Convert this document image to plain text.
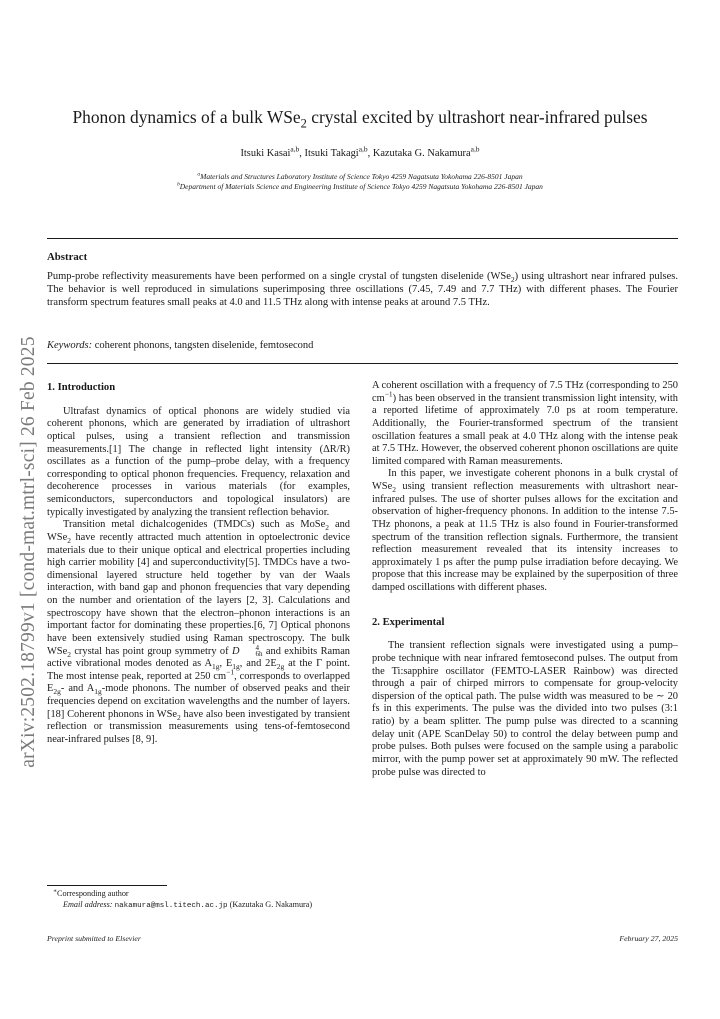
arXiv:2502.18799v1 [cond-mat.mtrl-sci] 26 Feb 2025
Phonon dynamics of a bulk WSe$_2$ crystal excited by ultrashort near-infrared pulses
Itsuki Kasai$^{a,b}$, Itsuki Takagi$^{a,b}$, Kazutaka G. Nakamura$^{a,b}$
$^a$Materials and Structures Laboratory Institute of Science Tokyo 4259 Nagatsuta Yokohama 226-8501 Japan
$^b$Department of Materials Science and Engineering Institute of Science Tokyo 4259 Nagatsuta Yokohama 226-8501 Japan
Abstract
Pump-probe reflectivity measurements have been performed on a single crystal of tungsten diselenide (WSe$_2$) using ultrashort near infrared pulses. The behavior is well reproduced in simulations superimposing three oscillations (7.45, 7.49 and 7.7 THz) with different phases. The Fourier transform spectrum features small peaks at 4.0 and 11.5 THz along with intense peaks at around 7.5 THz.
Keywords: coherent phonons, tangsten diselenide, femtosecond
1. Introduction

Ultrafast dynamics of optical phonons are widely studied via coherent phonons, which are generated by irradiation of ultrashort optical pulses, using a transient reflection and transmission measurements.[1] The change in reflected light intensity (ΔR/R) oscillates as a function of the pump–probe delay, with a frequency corresponding to optical phonon frequencies. Frequency, relaxation and decoherence processes in various materials (for examples, semiconductors, superconductors and topological insulators) are typically investigated by analyzing the transient reflection behavior.

Transition metal dichalcogenides (TMDCs) such as MoSe$_2$ and WSe$_2$ have recently attracted much attention in optoelectronic device materials due to their unique optical and electrical properties including high carrier mobility [4] and superconductivity[5]. TMDCs have a two-dimensional layered structure held together by van der Waals interaction, with band gap and phonon frequencies that vary depending on the number and orientation of the layers [2, 3]. Calculations and spectroscopy have shown that the electron–phonon interactions is an important factor for dominating these properties.[6, 7] Optical phonons have been extensively studied using Raman spectroscopy. The bulk WSe$_2$ crystal has point group symmetry of D	4
6h and exhibits Raman active vibrational modes denoted as $A_{1g}$, $E_{1g}$, and $2E_{2g}$ at the Γ point. The most intense peak, reported at 250 $cm^{-1}$, corresponds to overlapped $E_{2g}-$ and $A_{1g}$-mode phonons. The number of observed peaks and their frequencies depend on excitation wavelengths and the number of layers.[18] Coherent phonons in WSe$_2$ have also been investigated by transient reflection or transmission measurements using tens-of-femtosecond near-infrared pulses [8, 9].

A coherent oscillation with a frequency of 7.5 THz (corresponding to 250 $cm^{-1}$) has been observed in the transient transmission light intensity, with a reported lifetime of approximately 7.0 ps at room temperature. Additionally, the Fourier-transformed spectrum of the transient oscillation features a small peak at 4.0 THz along with the intense peak at 7.5 THz. However, the observed coherent phonon oscillations are quite limited compared with Raman measurements.

In this paper, we investigate coherent phonons in a bulk crystal of WSe$_2$ using transient reflection measurements with ultrashort near-infrared pulses. The use of shorter pulses allows for the excitation and observation of higher-frequency phonons. In addition to the intense 7.5-THz phonons, a peak at 11.5 THz is also found in Fourier-transformed spectrum of the transition reflection signals. Furthermore, the transient reflection measurement revealed that its intensity increases to approximately 1 ps after the pump pulse irradiation before decaying. We propose that this increase may be explained by the superposition of three damped oscillations with different phases.

2. Experimental

The transient reflection signals were investigated using a pump–probe technique with near infrared femtosecond pulses. The output from the Ti:sapphire oscillator (FEMTO-LASER Rainbow) was directed through a pair of chirped mirrors to compensate for group-velocity dispersion of the optical path. The pulse width was measured to be ∼ 20 fs in this experiments. The pulse was the divided into two pulses (3:1 ratio) by a beam splitter. The pump pulse was directed to a scanning delay unit (APE ScanDelay 50) to control the delay between pump and probe pulses. Both pulses were focused on the sample using a parabolic mirror, with the pump power set at approximately 90 mW. The reflected probe pulse was directed to

∗Corresponding author
Email address: nakamura@msl.titech.ac.jp (Kazutaka G. Nakamura)
Preprint submitted to Elsevier	February 27, 2025
